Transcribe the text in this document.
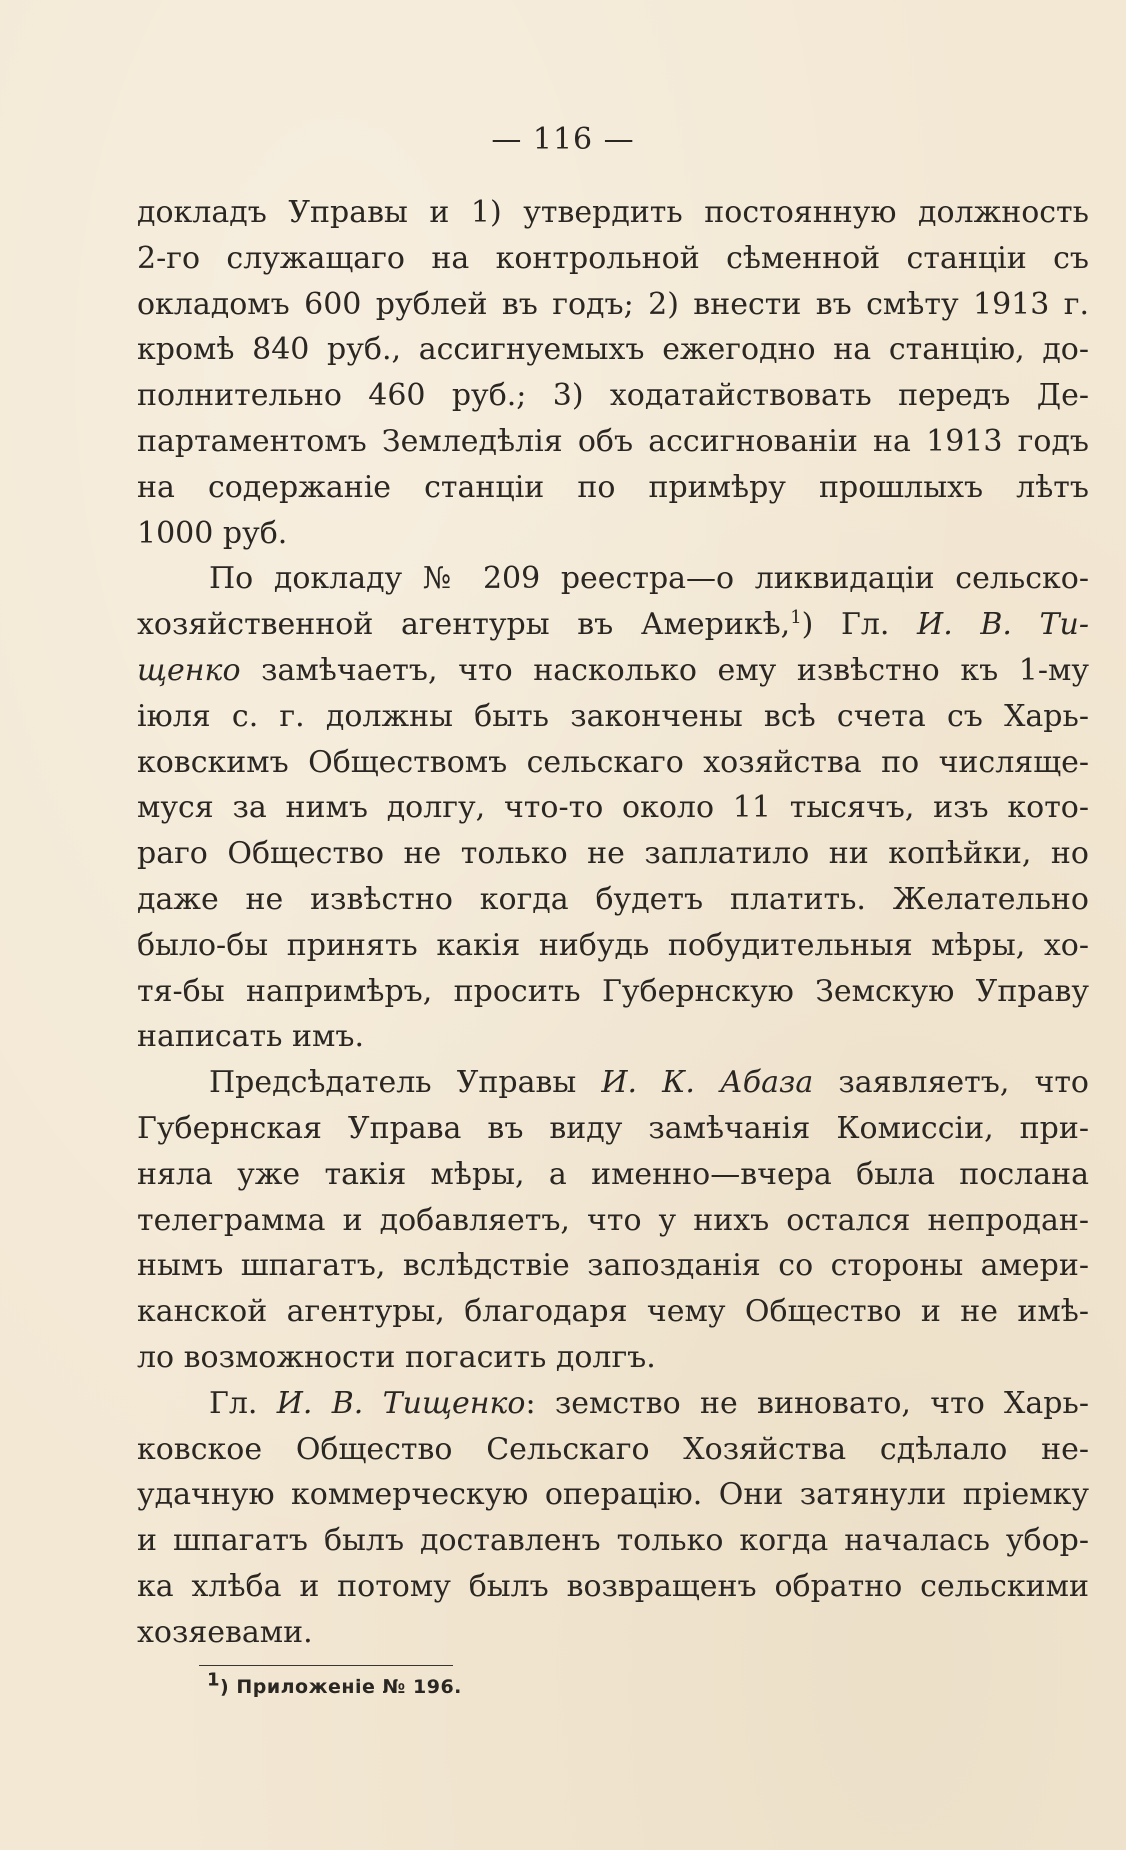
— 116 —

докладъ Управы и 1) утвердить постоянную должность
2-го служащаго на контрольной сѣменной станціи съ
окладомъ 600 рублей въ годъ; 2) внести въ смѣту 1913 г.
кромѣ 840 руб., ассигнуемыхъ ежегодно на станцію, до-
полнительно 460 руб.; 3) ходатайствовать передъ Де-
партаментомъ Земледѣлія объ ассигнованіи на 1913 годъ
на содержаніе станціи по примѣру прошлыхъ лѣтъ
1000 руб.

По докладу № 209 реестра—о ликвидаціи сельско-
хозяйственной агентуры въ Америкѣ,$^1$) Гл. И. В. Ти-
щенко замѣчаетъ, что насколько ему извѣстно къ 1-му
іюля с. г. должны быть закончены всѣ счета съ Харь-
ковскимъ Обществомъ сельскаго хозяйства по числяще-
муся за нимъ долгу, что-то около 11 тысячъ, изъ кото-
раго Общество не только не заплатило ни копѣйки, но
даже не извѣстно когда будетъ платить. Желательно
было-бы принять какія нибудь побудительныя мѣры, хо-
тя-бы напримѣръ, просить Губернскую Земскую Управу
написать имъ.

Предсѣдатель Управы И. К. Абаза заявляетъ, что
Губернская Управа въ виду замѣчанія Комиссіи, при-
няла уже такія мѣры, а именно—вчера была послана
телеграмма и добавляетъ, что у нихъ остался непродан-
нымъ шпагатъ, вслѣдствіе запозданія со стороны амери-
канской агентуры, благодаря чему Общество и не имѣ-
ло возможности погасить долгъ.

Гл. И. В. Тищенко: земство не виновато, что Харь-
ковское Общество Сельскаго Хозяйства сдѣлало не-
удачную коммерческую операцію. Они затянули пріемку
и шпагатъ былъ доставленъ только когда началась убор-
ка хлѣба и потому былъ возвращенъ обратно сельскими
хозяевами.

$^1$) Приложеніе № 196.
